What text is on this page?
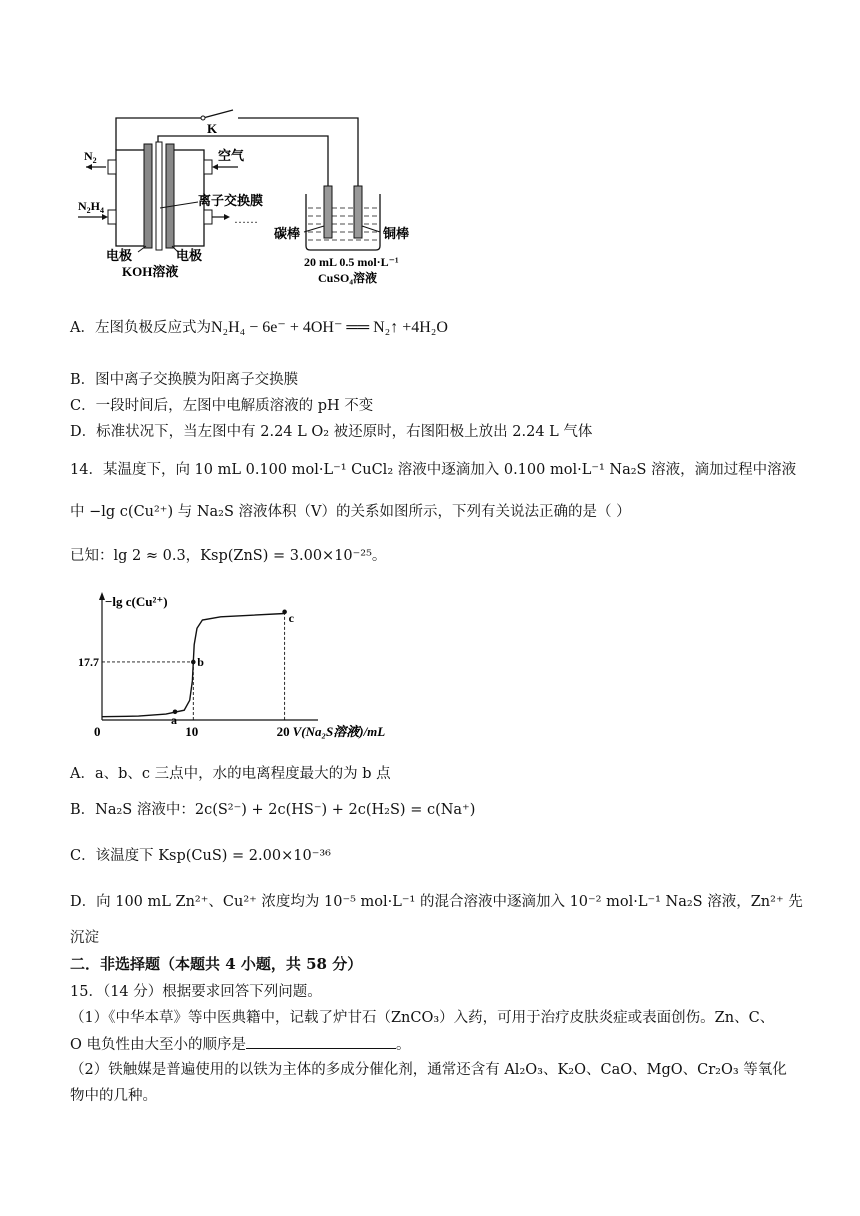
K
$N_2$	空气
$N_2H_4$
离子交换膜
……
电极	电极
KOH溶液
碳棒	铜棒
20 mL 0.5 mol·L⁻¹
CuSO₄溶液
A．左图负极反应式为N₂H₄ − 6e⁻ + 4OH⁻ ══ N₂↑ +4H₂O
B．图中离子交换膜为阳离子交换膜
C．一段时间后，左图中电解质溶液的 pH 不变
D．标准状况下，当左图中有 2.24 L O₂ 被还原时，右图阳极上放出 2.24 L 气体
14．某温度下，向 10 mL 0.100 mol·L⁻¹ CuCl₂ 溶液中逐滴加入 0.100 mol·L⁻¹ Na₂S 溶液，滴加过程中溶液
中 −lg c(Cu²⁺) 与 Na₂S 溶液体积（V）的关系如图所示，下列有关说法正确的是（ ）
已知：lg 2 ≈ 0.3，Ksp(ZnS) = 3.00×10⁻²⁵。
−lg c(Cu²⁺)
V(Na₂S溶液)/mL
0	10	20
17.7
a
b
c
A．a、b、c 三点中，水的电离程度最大的为 b 点
B．Na₂S 溶液中：2c(S²⁻) + 2c(HS⁻) + 2c(H₂S) = c(Na⁺)
C．该温度下 Ksp(CuS) = 2.00×10⁻³⁶
D．向 100 mL Zn²⁺、Cu²⁺ 浓度均为 10⁻⁵ mol·L⁻¹ 的混合溶液中逐滴加入 10⁻² mol·L⁻¹ Na₂S 溶液，Zn²⁺ 先
沉淀
二．非选择题（本题共 4 小题，共 58 分）
15．（14 分）根据要求回答下列问题。
（1）《中华本草》等中医典籍中，记载了炉甘石（ZnCO₃）入药，可用于治疗皮肤炎症或表面创伤。Zn、C、
O 电负性由大至小的顺序是	。
（2）铁触媒是普遍使用的以铁为主体的多成分催化剂，通常还含有 Al₂O₃、K₂O、CaO、MgO、Cr₂O₃ 等氧化
物中的几种。
